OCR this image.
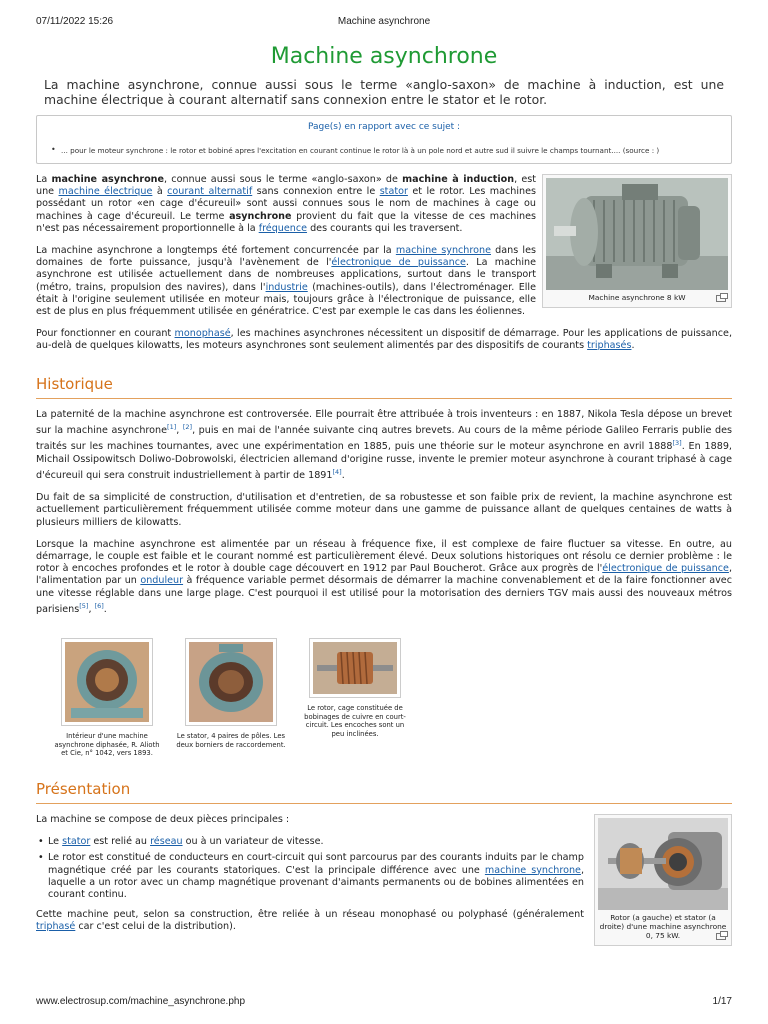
07/11/2022 15:26	Machine asynchrone
Machine asynchrone

La machine asynchrone, connue aussi sous le terme «anglo-saxon» de machine à induction, est une machine électrique à courant alternatif sans connexion entre le stator et le rotor.

Page(s) en rapport avec ce sujet :
• ... pour le moteur synchrone : le rotor et bobiné apres l'excitation en courant continue le rotor là à un pole nord et autre sud il suivre le champs tournant.... (source : )

La machine asynchrone, connue aussi sous le terme «anglo-saxon» de machine à induction, est une machine électrique à courant alternatif sans connexion entre le stator et le rotor. Les machines possédant un rotor «en cage d'écureuil» sont aussi connues sous le nom de machines à cage ou machines à cage d'écureuil. Le terme asynchrone provient du fait que la vitesse de ces machines n'est pas nécessairement proportionnelle à la fréquence des courants qui les traversent.

La machine asynchrone a longtemps été fortement concurrencée par la machine synchrone dans les domaines de forte puissance, jusqu'à l'avènement de l'électronique de puissance. La machine asynchrone est utilisée actuellement dans de nombreuses applications, surtout dans le transport (métro, trains, propulsion des navires), dans l'industrie (machines-outils), dans l'électroménager. Elle était à l'origine seulement utilisée en moteur mais, toujours grâce à l'électronique de puissance, elle est de plus en plus fréquemment utilisée en génératrice. C'est par exemple le cas dans les éoliennes.

Machine asynchrone 8 kW

Pour fonctionner en courant monophasé, les machines asynchrones nécessitent un dispositif de démarrage. Pour les applications de puissance, au-delà de quelques kilowatts, les moteurs asynchrones sont seulement alimentés par des dispositifs de courants triphasés.

Historique

La paternité de la machine asynchrone est controversée. Elle pourrait être attribuée à trois inventeurs : en 1887, Nikola Tesla dépose un brevet sur la machine asynchrone[1], [2], puis en mai de l'année suivante cinq autres brevets. Au cours de la même période Galileo Ferraris publie des traités sur les machines tournantes, avec une expérimentation en 1885, puis une théorie sur le moteur asynchrone en avril 1888[3]. En 1889, Michail Ossipowitsch Doliwo-Dobrowolski, électricien allemand d'origine russe, invente le premier moteur asynchrone à courant triphasé à cage d'écureuil qui sera construit industriellement à partir de 1891[4].

Du fait de sa simplicité de construction, d'utilisation et d'entretien, de sa robustesse et son faible prix de revient, la machine asynchrone est actuellement particulièrement fréquemment utilisée comme moteur dans une gamme de puissance allant de quelques centaines de watts à plusieurs milliers de kilowatts.

Lorsque la machine asynchrone est alimentée par un réseau à fréquence fixe, il est complexe de faire fluctuer sa vitesse. En outre, au démarrage, le couple est faible et le courant nommé est particulièrement élevé. Deux solutions historiques ont résolu ce dernier problème : le rotor à encoches profondes et le rotor à double cage découvert en 1912 par Paul Boucherot. Grâce aux progrès de l'électronique de puissance, l'alimentation par un onduleur à fréquence variable permet désormais de démarrer la machine convenablement et de la faire fonctionner avec une vitesse réglable dans une large plage. C'est pourquoi il est utilisé pour la motorisation des derniers TGV mais aussi des nouveaux métros parisiens[5], [6].

Intérieur d'une machine asynchrone diphasée, R. Alioth et Cie, n° 1042, vers 1893.
Le stator, 4 paires de pôles. Les deux borniers de raccordement.
Le rotor, cage constituée de bobinages de cuivre en court-circuit. Les encoches sont un peu inclinées.
Présentation

La machine se compose de deux pièces principales :

• Le stator est relié au réseau ou à un variateur de vitesse.
• Le rotor est constitué de conducteurs en court-circuit qui sont parcourus par des courants induits par le champ magnétique créé par les courants statoriques. C'est la principale différence avec une machine synchrone, laquelle a un rotor avec un champ magnétique provenant d'aimants permanents ou de bobines alimentées en courant continu.

Cette machine peut, selon sa construction, être reliée à un réseau monophasé ou polyphasé (généralement triphasé car c'est celui de la distribution).

Rotor (a gauche) et stator (a droite) d'une machine asynchrone 0, 75 kW.
www.electrosup.com/machine_asynchrone.php	1/17
